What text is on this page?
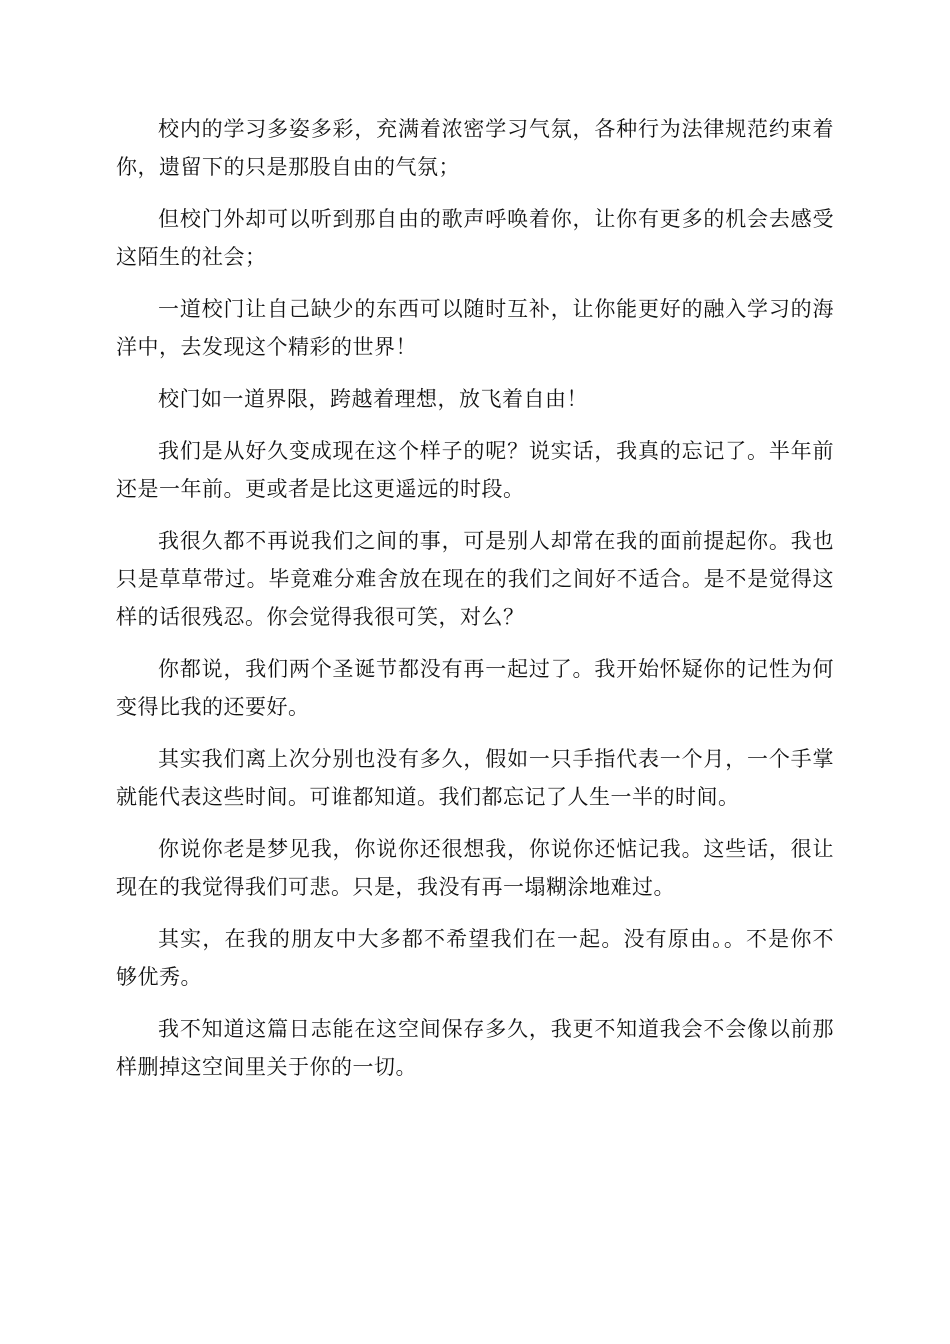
校内的学习多姿多彩，充满着浓密学习气氛，各种行为法律规范约束着你，遗留下的只是那股自由的气氛；

但校门外却可以听到那自由的歌声呼唤着你，让你有更多的机会去感受这陌生的社会；

一道校门让自己缺少的东西可以随时互补，让你能更好的融入学习的海洋中，去发现这个精彩的世界！

校门如一道界限，跨越着理想，放飞着自由！

我们是从好久变成现在这个样子的呢？说实话，我真的忘记了。半年前还是一年前。更或者是比这更遥远的时段。

我很久都不再说我们之间的事，可是别人却常在我的面前提起你。我也只是草草带过。毕竟难分难舍放在现在的我们之间好不适合。是不是觉得这样的话很残忍。你会觉得我很可笑，对么？

你都说，我们两个圣诞节都没有再一起过了。我开始怀疑你的记性为何变得比我的还要好。

其实我们离上次分别也没有多久，假如一只手指代表一个月，一个手掌就能代表这些时间。可谁都知道。我们都忘记了人生一半的时间。

你说你老是梦见我，你说你还很想我，你说你还惦记我。这些话，很让现在的我觉得我们可悲。只是，我没有再一塌糊涂地难过。

其实，在我的朋友中大多都不希望我们在一起。没有原由。。不是你不够优秀。

我不知道这篇日志能在这空间保存多久，我更不知道我会不会像以前那样删掉这空间里关于你的一切。
